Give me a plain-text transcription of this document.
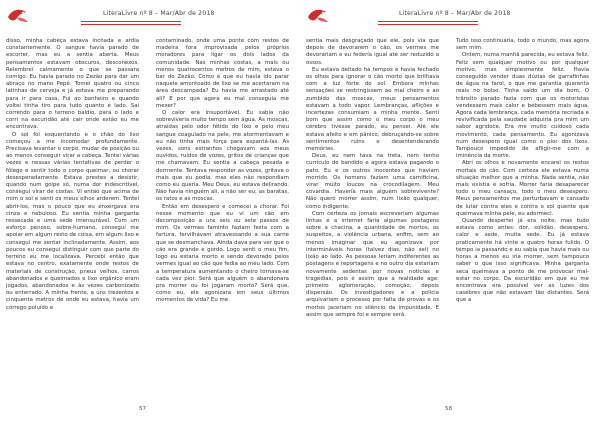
LiteraLivre nº 8 – Mar/Abr de 2018

disso, minha cabeça estava inchada e ardia constantemente. O sangue havia parado de escorrer, mas eu a sentia aberta. Meus pensamentos estavam obscuros, desconexos. Relembrei calmamente o que se passara comigo. Eu havia parado no Zezão para dar um abraço no mano Pepê. Tomei quatro ou cinco latinhas de cerveja e já estava me preparando para ir para casa. Fui ao banheiro e quando voltei tinha tiro para tudo quanto é lado. Sai correndo para o terreno baldio, para o lado e corri na escuridão até cair onde estão eu me encontrava.

O sol foi esquentando e o chão do lixo começou a me incomodar profundamente. Precisava levantar o corpo, mudar de posição ou ao menos conseguir virar a cabeça. Tentei várias vezes e nessas várias tentativas de perder o fôlego e sentir todo o corpo queimar, ou chorar desesperadamente. Estava prestes a desistir, quando num golpe só, numa dor indescritível, conseguí virar de costas. Vi então que acima de mim o sol e senti os meus olhos arderem. Tentei abrir-los, mas o pouco que eu enxergava era cinza e nebuloso. Eu sentia minha garganta ressecada e uma sede imensurável. Com um esforço penoso, sobre-humano, conseguí me apoiar em algum resto de coisa, em algum lixo e conseguí me sentar inclinadamente. Assim, aos poucos eu consegui distinguir com que parte do terreno eu me localizava. Percebi então que estava no centro, exatamente onde restos de materiais de construção, pneus velhos, carros abandonados e queimados e lixo orgânico eram jogados, abandonados e às vezes carbonizado ou enterrado. A minha frente, a uns trezentos e cinquenta metros de onde eu estava, havia um córrego poluído e

contaminado, onde uma ponte com restos de madeira fora improvisada pelos próprios moradores para ligar os dois lados da comunidade. Nas minhas costas, a mais ou menos quatrocentos metros de mim, estava o bar do Zezão. Como é que eu havia ido parar naquele amontoado de lixo se me acertaram na área descampada? Eu havia me arrastado até ali? E por que agora eu mal conseguia me mexer?

O calor era insuportável. Eu sabia não sobreviveria muito tempo sem água. As moscas, atraídas pelo odor fétido do lixo e pelo meu sangue coagulado na pele, me atormentavam e eu não tinha mais força para espantá-las. As vezes, sons estranhos chegavam aos meus ouvidos, ruídos de vozes, gritos de crianças que me chamavam. Eu sentia a cabeça pesada e dormente. Tentava responder as vozes, gritava o mais que eu podia, mas eles não respondiam como eu queria. Meu Deus, eu estava delirando. Não havia ninguém ali, a não ser eu, as baratas, os ratos e as moscas.

Então em desespero e comecei a chorar. Foi nesse momento que eu vi um cão em decomposição a uns seis ou sete passos de mim. Os vermes faminto faziam festa com a fartura, fervilhavam atravessando a sua carne que se desmanchava. Ainda dava para ver que o cão era grande e gordo. Logo senti o meu fim, logo eu estaria morto e sendo devorado pelos vermes igual ao cão que fedia ao meu lado. Com a temperatura aumentando o cheiro tornava-se cada vez pior. Será que alguém o abandonara pra morrer ou foi jogaram morto? Será que, como eu, ele agonizara em seus últimos momentos de vida? Eu me

57
LiteraLivre nº 8 – Mar/Abr de 2018

sentia mais desgraçado que ele, pois via que depois de devorarem o cão, os vermes me devorariam e eu federía igual até ser reduzido a ossos.

Eu estava deitado há tempos e havia fechado os olhos para ignorar o cão morto que brilhava com a luz forte do sol. Embora minhas sensações se restringissem ao mal cheiro e ao zumbido das moscas, meus pensamentos estavam a todo vapor. Lembranças, aflições e incertezas consumiam a minha mente. Senti bom que assim como o meu corpo o meu cérebro tivesse parado, eu pensei. Até ele estava afeito e em pânico, debruçando-se sobre sentimentos ruins e desentenderando memórias.

Deus, eu nem tava na treta, nem tenho currículo de bandido e agora estava pagando o pato. Eu e os outros inocentes que haviam morrido. Os homens faziam uma carnificina, virar muito loucos na crocodilagem. Meu covardia. Havería mais alguém sobrevivente? Não quero morrer assim, num lixão qualquer, como indigente.

Com certeza os jornais escreveriam algumas linhas e a internet faria algumas postagens sobre a chacina, a quantidade de mortos, os suspeitos, a violência urbana, enfim, sem ao menos imaginar que eu agonizava por intermináveis horas (talvez dias, não sei) no lixão ao lado. As pessoas leriam indiferentes as postagens e reportagens e no outro dia estariam novamente sedentas por novas notícias e tragédias, pois é assim que a realidade age: primeiro aglomeração, comoção, depois dispersão. Os investigadores e a polícia arquivariam o processo por falta de provas e os mortos jaceriam no silêncio da impunidade. E assim que sempre foi e sempre será.

Tudo isso continuaria, todo o mundo, mas agora sem mim.

Ontem, numa manhã parecida, eu estava feliz. Feliz sem qualquer motivo ou por qualquer motivo, mas simplesmente feliz. Havia conseguido vender duas dúzias de garrafinhas de água na farol, o que me garantia quarenta reais no bolso. Tinha saído um dia bom. O trânsito parado fazia com que os motoristas vendessem mais calor e bebessem mais água. Agora cada lembrança, cada memória recriada e revivificada pela saudade adquiria pra mim um sabor agridoce. Era me muito cuidoso cada movimento, cada pensamento. Eu agonizava num desespero igual como o pior dos lixos. Tampouco impedido de afligir-me com a iminência da morte.

Abri os olhos e novamente encarei os restos mortais do cão. Com certeza ele estava numa situação melhor que a minha. Nada sentia, não mais existia e sofria. Morrer faria desaparecer todo o meu cansaço, todo o meu desespero. Meus pensamentos me perturbavam e cansado de lutar contra eles e contra o sol quente que queimava minha pele, eu adormeci.

Quando despertei já era noite, mas tudo estava como antes: dor, solidão, desespero, calor e sede, muita sede. Eu já estava praticamente há vinte e quatro horas fulido. O tempo ia passando e eu sabia que havia mais ou horas a menos eu iria morrer, sem tampouco saber o que isso significava. Minha garganta seca queimava a ponto de me provocar mal-estar no corpo. Da escuridão em que eu me encontrava era possível ver as luzes dos casebres que não estavam tão distantes. Será que a

58
